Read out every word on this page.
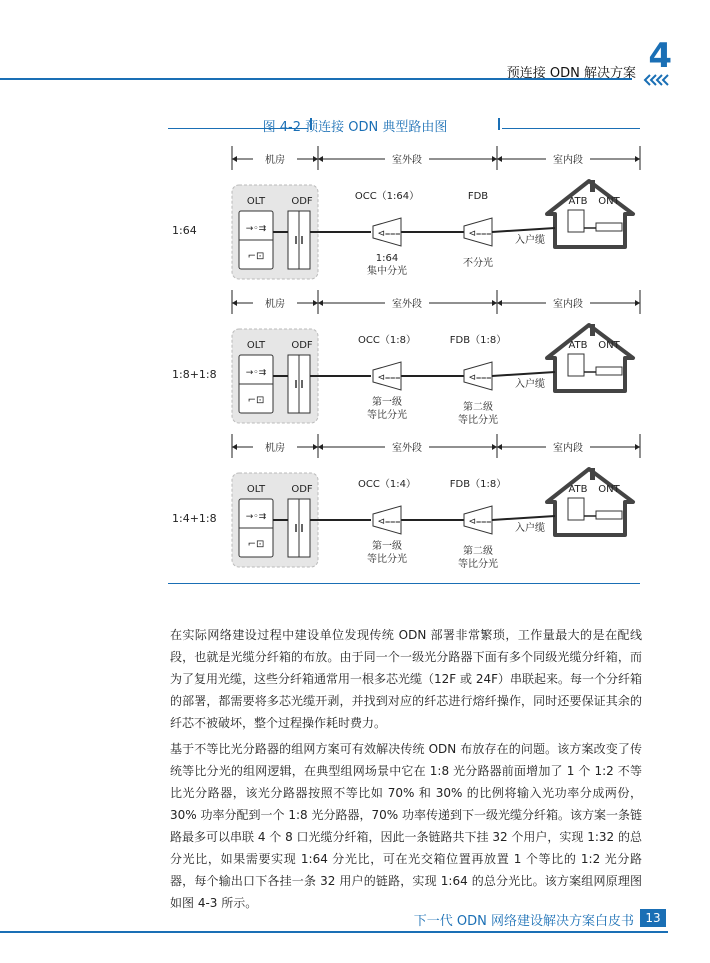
预连接 ODN 解决方案 4
图 4-2 预连接 ODN 典型路由图
机房	室外段	室内段
1:64
OLT	ODF
→◦⇉
⌐⊡
⊲⩶	⊲⩶
OCC（1:64）	FDB
1:64
集中分光
不分光
ATB ONT
入户缆
机房	室外段	室内段
1:8+1:8
OLT	ODF
→◦⇉
⌐⊡
⊲⩶	⊲⩶
OCC（1:8）	FDB（1:8）
第一级
等比分光
第二级
等比分光
ATB ONT
入户缆
机房	室外段	室内段
1:4+1:8
OLT	ODF
→◦⇉
⌐⊡
⊲⩶	⊲⩶
OCC（1:4）	FDB（1:8）
第一级
等比分光
第二级
等比分光
ATB ONT
入户缆
在实际网络建设过程中建设单位发现传统 ODN 部署非常繁琐，工作量最大的是在配线段，也就是光缆分纤箱的布放。由于同一个一级光分路器下面有多个同级光缆分纤箱，而为了复用光缆，这些分纤箱通常用一根多芯光缆（12F 或 24F）串联起来。每一个分纤箱的部署，都需要将多芯光缆开剥，并找到对应的纤芯进行熔纤操作，同时还要保证其余的纤芯不被破坏，整个过程操作耗时费力。
基于不等比光分路器的组网方案可有效解决传统 ODN 布放存在的问题。该方案改变了传统等比分光的组网逻辑，在典型组网场景中它在 1:8 光分路器前面增加了 1 个 1:2 不等比光分路器，该光分路器按照不等比如 70% 和 30% 的比例将输入光功率分成两份，30% 功率分配到一个 1:8 光分路器，70% 功率传递到下一级光缆分纤箱。该方案一条链路最多可以串联 4 个 8 口光缆分纤箱，因此一条链路共下挂 32 个用户，实现 1:32 的总分光比，如果需要实现 1:64 分光比，可在光交箱位置再放置 1 个等比的 1:2 光分路器，每个输出口下各挂一条 32 用户的链路，实现 1:64 的总分光比。该方案组网原理图如图 4-3 所示。
下一代 ODN 网络建设解决方案白皮书 13
